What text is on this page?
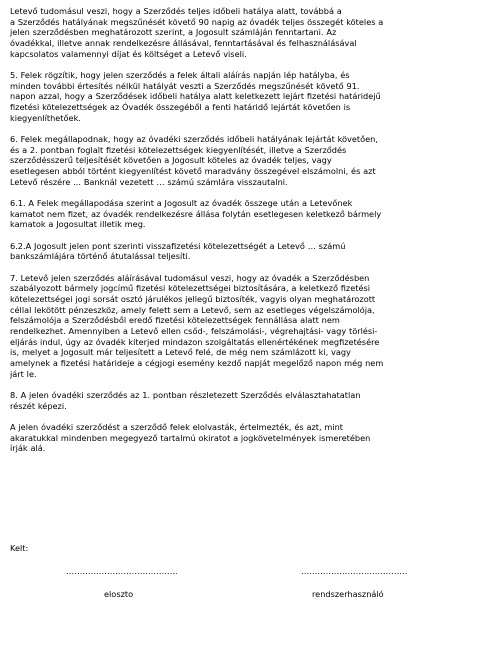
Letevő tudomásul veszi, hogy a Szerződés teljes időbeli hatálya alatt, továbbá a
a Szerződés hatályának megszűnését követő 90 napig az óvadék teljes összegét köteles a
jelen szerződésben meghatározott szerint, a Jogosult számláján fenntartani. Az
óvadékkal, illetve annak rendelkezésre állásával, fenntartásával és felhasználásával
kapcsolatos valamennyi díjat és költséget a Letevő viseli.

5. Felek rögzítik, hogy jelen szerződés a felek általi aláírás napján lép hatályba, és
minden további értesítés nélkül hatályát veszti a Szerződés megszűnését követő 91.
napon azzal, hogy a Szerződések időbeli hatálya alatt keletkezett lejárt fizetési határidejű
fizetési kötelezettségek az Óvadék összegéből a fenti határidő lejártát követően is
kiegyenlíthetőek.

6. Felek megállapodnak, hogy az óvadéki szerződés időbeli hatályának lejártát követően,
és a 2. pontban foglalt fizetési kötelezettségek kiegyenlítését, illetve a Szerződés
szerződésszerű teljesítését követően a Jogosult köteles az óvadék teljes, vagy
esetlegesen abból történt kiegyenlítést követő maradvány összegével elszámolni, és azt
Letevő részére ... Banknál vezetett … számú számlára visszautalni.

6.1. A Felek megállapodása szerint a Jogosult az óvadék összege után a Letevőnek
kamatot nem fizet, az óvadék rendelkezésre állása folytán esetlegesen keletkező bármely
kamatok a Jogosultat illetik meg.

6.2.A Jogosult jelen pont szerinti visszafizetési kötelezettségét a Letevő … számú
bankszámlájára történő átutalással teljesíti.

7. Letevő jelen szerződés aláírásával tudomásul veszi, hogy az óvadék a Szerződésben
szabályozott bármely jogcímű fizetési kötelezettségei biztosítására, a keletkező fizetési
kötelezettségei jogi sorsát osztó járulékos jellegű biztosíték, vagyis olyan meghatározott
céllal lekötött pénzeszköz, amely felett sem a Letevő, sem az esetleges végelszámolója,
felszámolója a Szerződésből eredő fizetési kötelezettségek fennállása alatt nem
rendelkezhet. Amennyiben a Letevő ellen csőd-, felszámolási-, végrehajtási- vagy törlési-
eljárás indul, úgy az óvadék kiterjed mindazon szolgáltatás ellenértékének megfizetésére
is, melyet a Jogosult már teljesített a Letevő felé, de még nem számlázott ki, vagy
amelynek a fizetési határideje a cégjogi esemény kezdő napját megelőző napon még nem
járt le.

8. A jelen óvadéki szerződés az 1. pontban részletezett Szerződés elválasztahatatlan
részét képezi.

A jelen óvadéki szerződést a szerződő felek elolvasták, értelmezték, és azt, mint
akaratukkal mindenben megegyező tartalmú okiratot a jogkövetelmények ismeretében
írják alá.

Kelt:
…………………………………..	…………………………………
eloszto	rendszerhasználó
